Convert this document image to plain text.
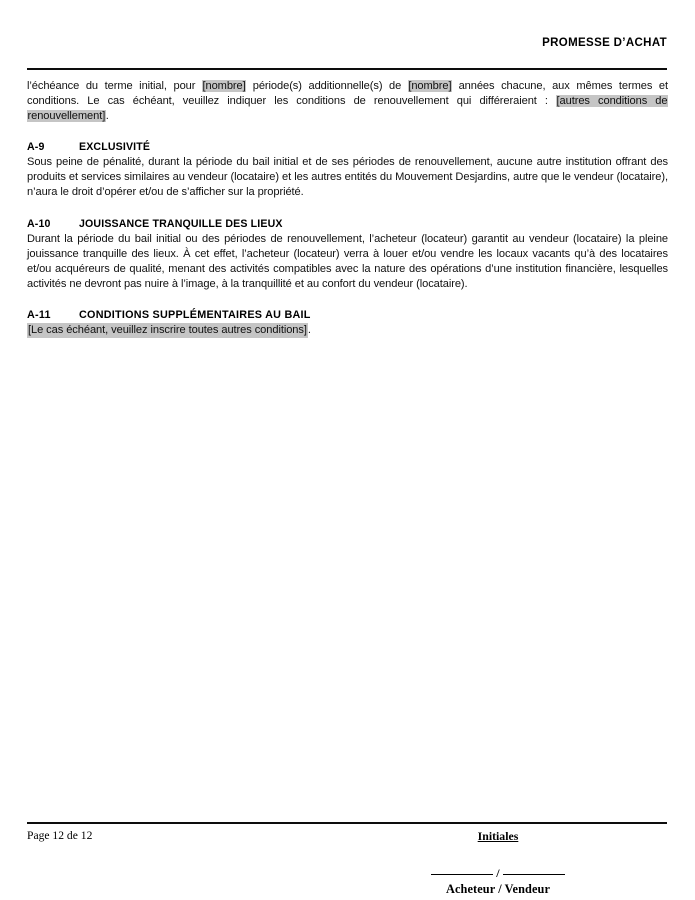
PROMESSE D’ACHAT

l’échéance du terme initial, pour [nombre] période(s) additionnelle(s) de [nombre] années chacune, aux mêmes termes et conditions. Le cas échéant, veuillez indiquer les conditions de renouvellement qui différeraient : [autres conditions de renouvellement].

A-9	EXCLUSIVITÉ

Sous peine de pénalité, durant la période du bail initial et de ses périodes de renouvellement, aucune autre institution offrant des produits et services similaires au vendeur (locataire) et les autres entités du Mouvement Desjardins, autre que le vendeur (locataire), n’aura le droit d’opérer et/ou de s’afficher sur la propriété.

A-10	JOUISSANCE TRANQUILLE DES LIEUX

Durant la période du bail initial ou des périodes de renouvellement, l’acheteur (locateur) garantit au vendeur (locataire) la pleine jouissance tranquille des lieux. À cet effet, l’acheteur (locateur) verra à louer et/ou vendre les locaux vacants qu’à des locataires et/ou acquéreurs de qualité, menant des activités compatibles avec la nature des opérations d’une institution financière, lesquelles activités ne devront pas nuire à l’image, à la tranquillité et au confort du vendeur (locataire).

A-11	CONDITIONS SUPPLÉMENTAIRES AU BAIL

[Le cas échéant, veuillez inscrire toutes autres conditions].

Page 12 de 12	Initiales
/
Acheteur / Vendeur
